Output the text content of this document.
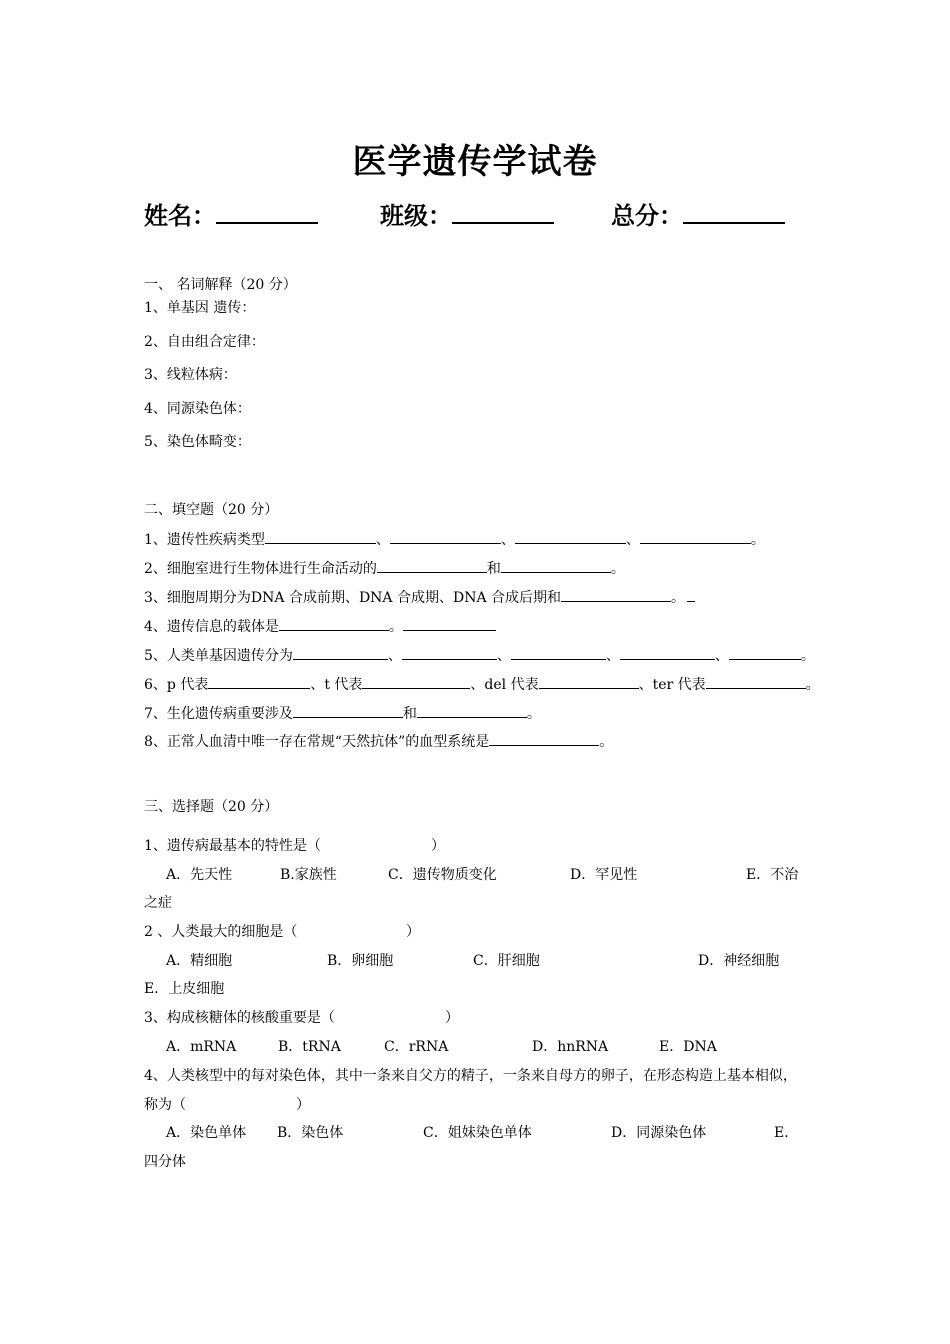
医学遗传学试卷
姓名：	班级：	总分：
一、 名词解释（20 分）
1、单基因 遗传：
2、自由组合定律：
3、线粒体病：
4、同源染色体：
5、染色体畸变：
二、填空题（20 分）
1、遗传性疾病类型	、	、	、	。
2、细胞室进行生物体进行生命活动的	和	。
3、细胞周期分为DNA 合成前期、DNA 合成期、DNA 合成后期和	。
4、遗传信息的载体是	。
5、人类单基因遗传分为	、	、	、	、	。
6、p 代表	、t 代表	、del 代表	、ter 代表	。
7、生化遗传病重要涉及	和	。
8、正常人血清中唯一存在常规“天然抗体”的血型系统是	。
三、选择题（20 分）
1、遗传病最基本的特性是（	）
A．先天性	B.家族性	C．遗传物质变化	D．罕见性	E．不治
之症
2 、人类最大的细胞是（	）
A．精细胞	B．卵细胞	C．肝细胞	D．神经细胞
E．上皮细胞
3、构成核糖体的核酸重要是（	）
A．mRNA	B．tRNA	C．rRNA	D．hnRNA	E．DNA
4、人类核型中的每对染色体，其中一条来自父方的精子，一条来自母方的卵子，在形态构造上基本相似，
称为（	）
A．染色单体 B．染色体	C．姐妹染色单体	D．同源染色体	E．
四分体
